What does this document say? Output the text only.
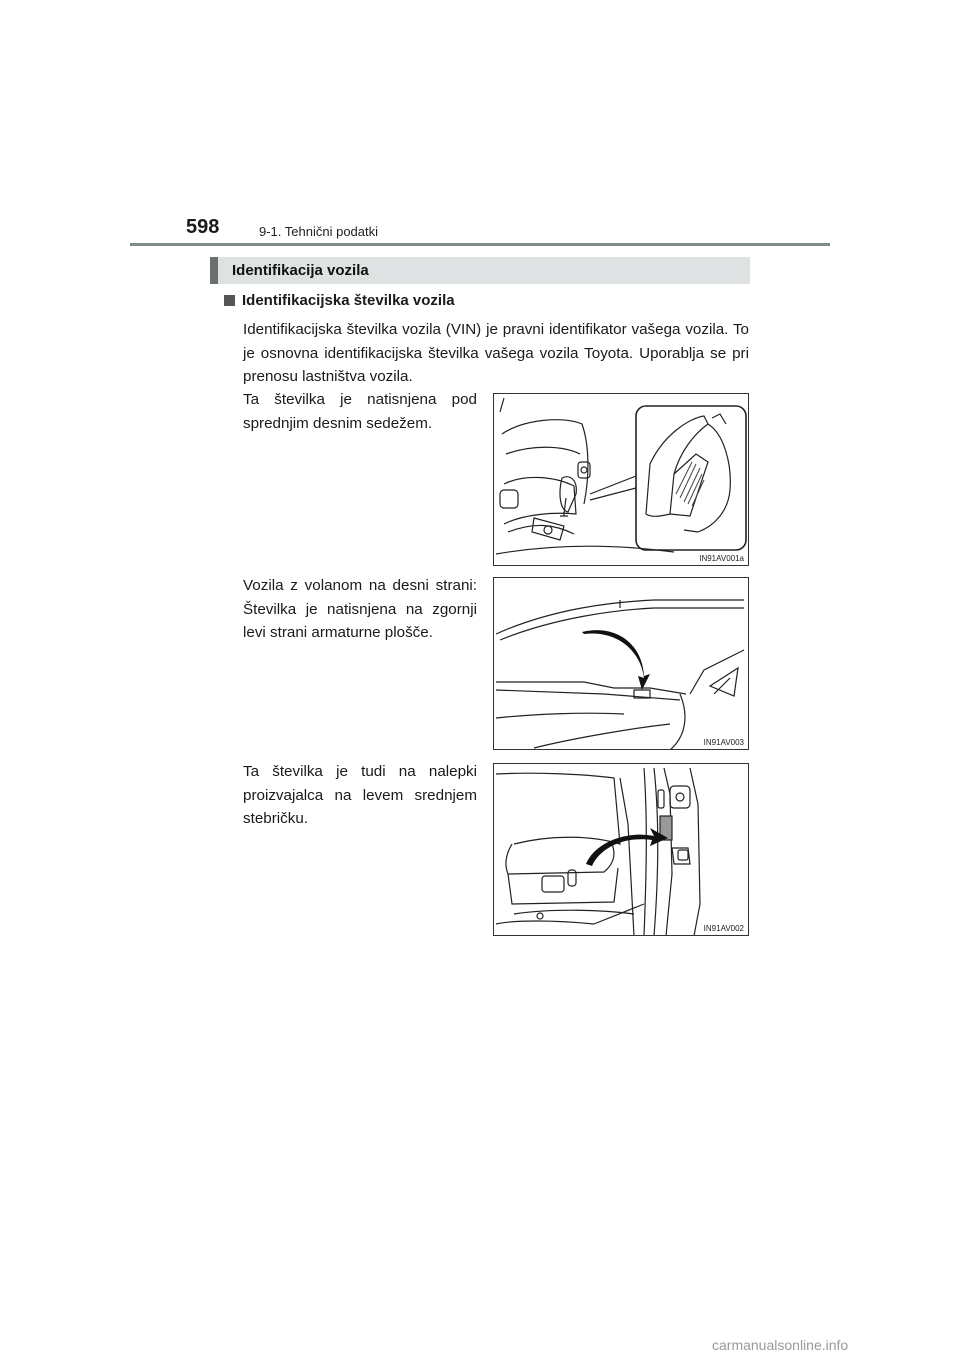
598	9-1. Tehnični podatki
Identifikacija vozila
Identifikacijska številka vozila
Identifikacijska številka vozila (VIN) je pravni identifikator vašega vozila. To je osnovna identifikacijska številka vašega vozila Toyota. Uporablja se pri prenosu lastništva vozila.
Ta številka je natisnjena pod sprednjim desnim sedežem.
IN91AV001a
Vozila z volanom na desni strani: Številka je natisnjena na zgornji levi strani armaturne plošče.
IN91AV003
Ta številka je tudi na nalepki proizvajalca na levem srednjem stebričku.
IN91AV002
carmanualsonline.info
